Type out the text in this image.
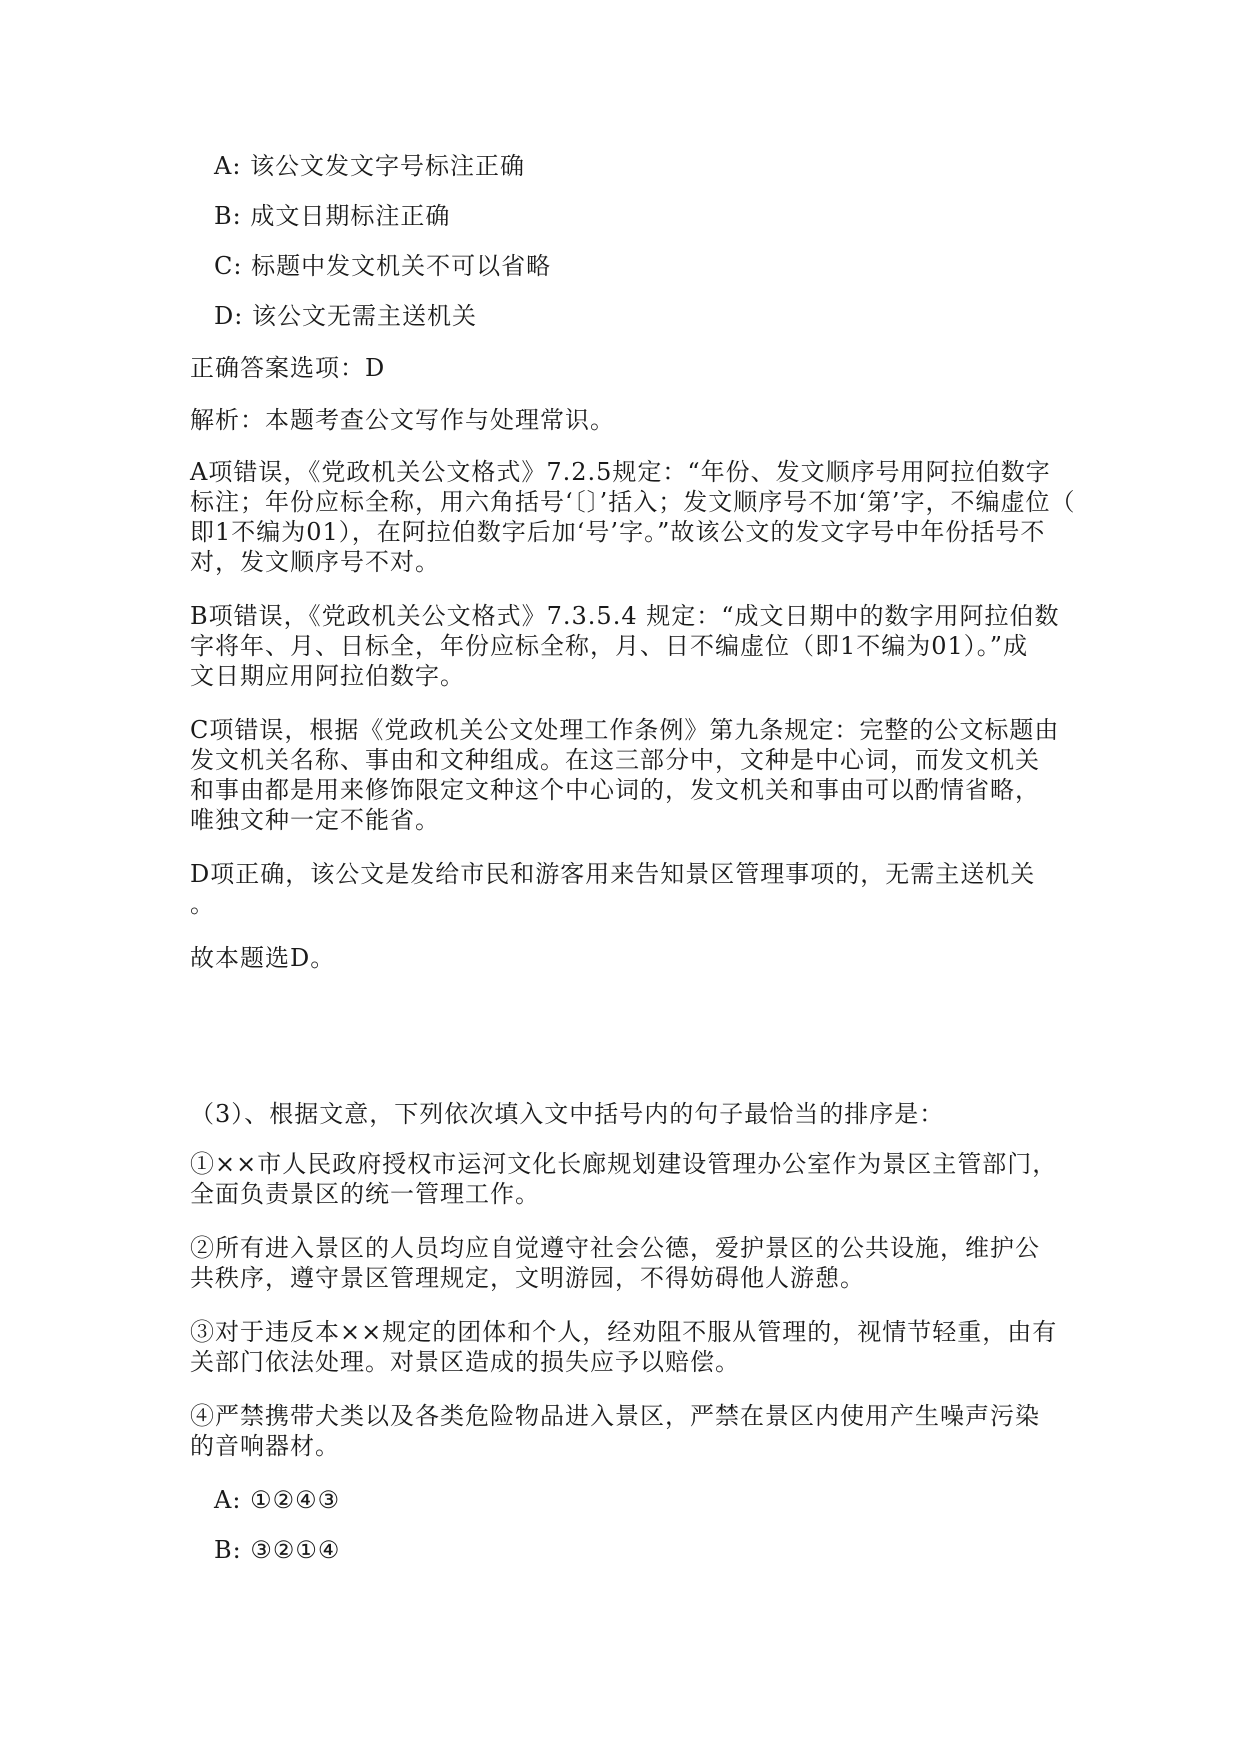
A: 该公文发文字号标注正确
B: 成文日期标注正确
C: 标题中发文机关不可以省略
D: 该公文无需主送机关
正确答案选项：D
解析：本题考查公文写作与处理常识。
A项错误，《党政机关公文格式》7.2.5规定：“年份、发文顺序号用阿拉伯数字
标注；年份应标全称，用六角括号‘〔〕’括入；发文顺序号不加‘第’字，不编虚位（
即1不编为01），在阿拉伯数字后加‘号’字。”故该公文的发文字号中年份括号不
对，发文顺序号不对。
B项错误，《党政机关公文格式》7.3.5.4 规定：“成文日期中的数字用阿拉伯数
字将年、月、日标全，年份应标全称，月、日不编虚位（即1不编为01）。”成
文日期应用阿拉伯数字。
C项错误，根据《党政机关公文处理工作条例》第九条规定：完整的公文标题由
发文机关名称、事由和文种组成。在这三部分中，文种是中心词，而发文机关
和事由都是用来修饰限定文种这个中心词的，发文机关和事由可以酌情省略，
唯独文种一定不能省。
D项正确，该公文是发给市民和游客用来告知景区管理事项的，无需主送机关
。
故本题选D。
（3）、根据文意，下列依次填入文中括号内的句子最恰当的排序是：
①××市人民政府授权市运河文化长廊规划建设管理办公室作为景区主管部门，
全面负责景区的统一管理工作。
②所有进入景区的人员均应自觉遵守社会公德，爱护景区的公共设施，维护公
共秩序，遵守景区管理规定，文明游园，不得妨碍他人游憩。
③对于违反本××规定的团体和个人，经劝阻不服从管理的，视情节轻重，由有
关部门依法处理。对景区造成的损失应予以赔偿。
④严禁携带犬类以及各类危险物品进入景区，严禁在景区内使用产生噪声污染
的音响器材。
A: ①②④③
B: ③②①④
